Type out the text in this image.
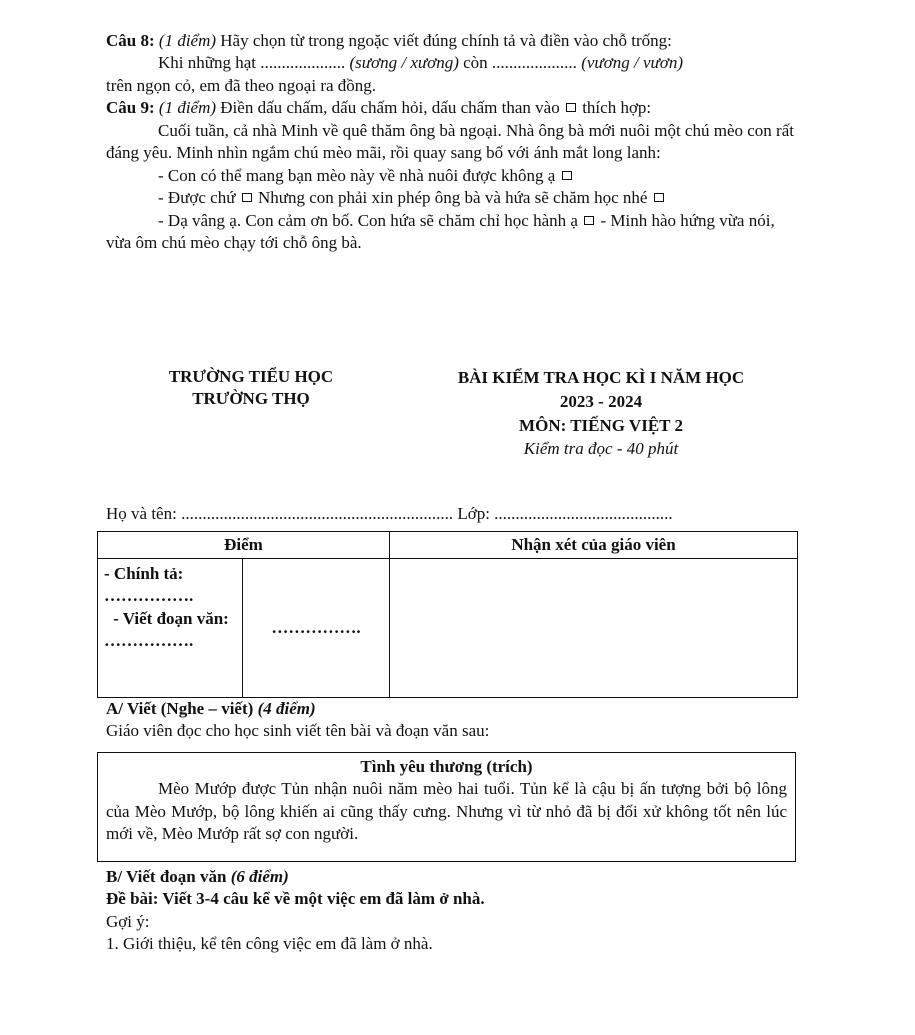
Câu 8: (1 điểm) Hãy chọn từ trong ngoặc viết đúng chính tả và điền vào chỗ trống:

Khi những hạt .................... (sương / xương) còn .................... (vương / vươn)

trên ngọn cỏ, em đã theo ngoại ra đồng.

Câu 9: (1 điểm) Điền dấu chấm, dấu chấm hỏi, dấu chấm than vào thích hợp:

Cuối tuần, cả nhà Minh về quê thăm ông bà ngoại. Nhà ông bà mới nuôi một chú mèo con rất đáng yêu. Minh nhìn ngắm chú mèo mãi, rồi quay sang bố với ánh mắt long lanh:

- Con có thể mang bạn mèo này về nhà nuôi được không ạ

- Được chứ Nhưng con phải xin phép ông bà và hứa sẽ chăm học nhé

- Dạ vâng ạ. Con cảm ơn bố. Con hứa sẽ chăm chỉ học hành ạ - Minh hào hứng vừa nói, vừa ôm chú mèo chạy tới chỗ ông bà.

TRƯỜNG TIỂU HỌC
TRƯỜNG THỌ
BÀI KIỂM TRA HỌC KÌ I NĂM HỌC
2023 - 2024
MÔN: TIẾNG VIỆT 2
Kiểm tra đọc - 40 phút
Họ và tên: ................................................................ Lớp: ..........................................
Điểm		Nhận xét của giáo viên

- Chính tả:
…………….
- Viết đoạn văn:
…………….	…………….	

A/ Viết (Nghe – viết) (4 điểm)

Giáo viên đọc cho học sinh viết tên bài và đoạn văn sau:

Tình yêu thương (trích)

Mèo Mướp được Tủn nhận nuôi năm mèo hai tuổi. Tủn kể là cậu bị ấn tượng bởi bộ lông của Mèo Mướp, bộ lông khiến ai cũng thấy cưng. Nhưng vì từ nhỏ đã bị đối xử không tốt nên lúc mới về, Mèo Mướp rất sợ con người.

B/ Viết đoạn văn (6 điểm)

Đề bài: Viết 3-4 câu kể về một việc em đã làm ở nhà.

Gợi ý:

1. Giới thiệu, kể tên công việc em đã làm ở nhà.
